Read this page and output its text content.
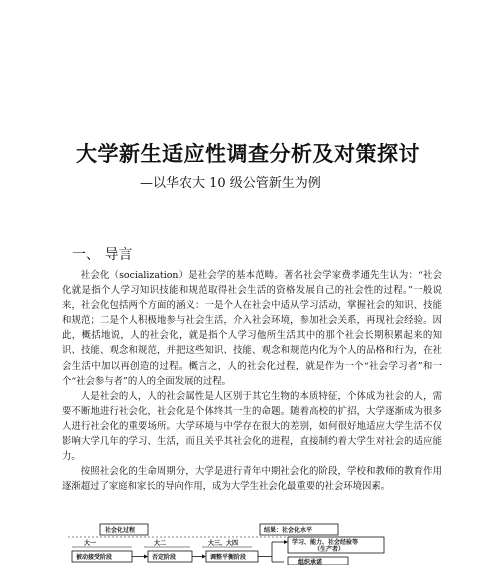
大学新生适应性调查分析及对策探讨
—以华农大 10 级公管新生为例
一、 导言

社会化（socialization）是社会学的基本范畴。著名社会学家费孝通先生认为：“社会化就是指个人学习知识技能和规范取得社会生活的资格发展自己的社会性的过程。”一般说来，社会化包括两个方面的涵义：一是个人在社会中适从学习活动，掌握社会的知识、技能和规范；二是个人积极地参与社会生活，介入社会环境，参加社会关系，再现社会经验。因此，概括地说，人的社会化，就是指个人学习他所生活其中的那个社会长期积累起来的知识、技能、观念和规范，并把这些知识、技能、观念和规范内化为个人的品格和行为，在社会生活中加以再创造的过程。概言之，人的社会化过程，就是作为一个“社会学习者”和一个“社会参与者”的人的全面发展的过程。

人是社会的人，人的社会属性是人区别于其它生物的本质特征，个体成为社会的人，需要不断地进行社会化，社会化是个体终其一生的命题。随着高校的扩招，大学逐渐成为很多人进行社会化的重要场所。大学环境与中学存在很大的差别，如何很好地适应大学生活不仅影响大学几年的学习、生活，而且关乎其社会化的进程，直接制约着大学生对社会的适应能力。

按照社会化的生命周期分，大学是进行青年中期社会化的阶段，学校和教师的教育作用逐渐超过了家庭和家长的导向作用，成为大学生社会化最重要的社会环境因素。

社会化过程	结果：社会化水平
大一	大二	大三、大四
被动接受阶段	否定阶段	调整平衡阶段
学习、能力、社会经验等
（生产者）
组织承诺
